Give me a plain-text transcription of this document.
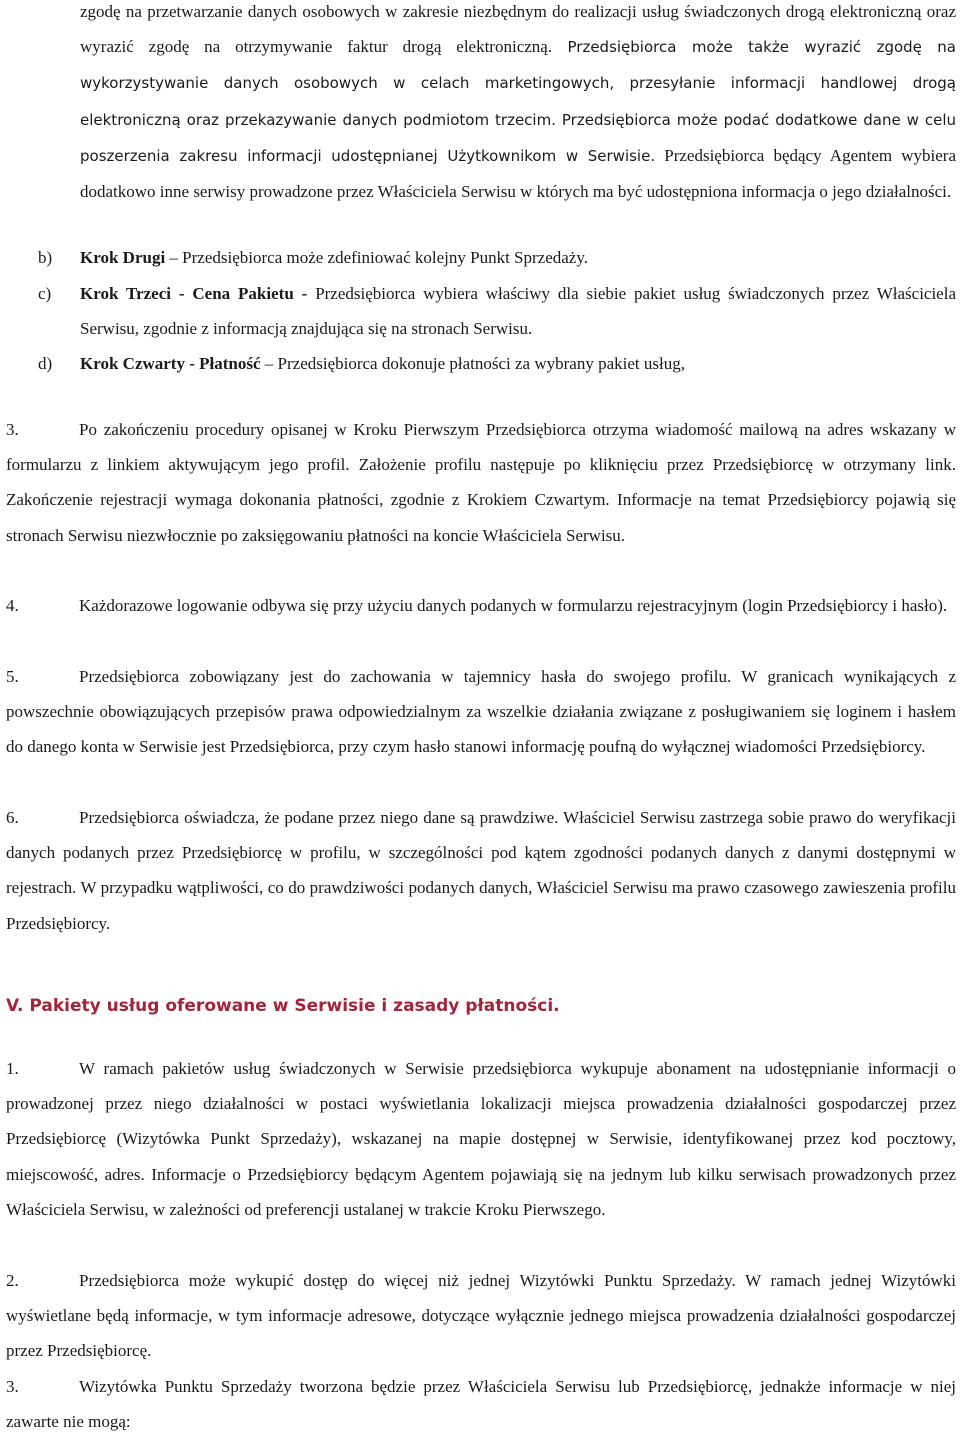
zgodę na przetwarzanie danych osobowych w zakresie niezbędnym do realizacji usług świadczonych drogą elektroniczną oraz wyrazić zgodę na otrzymywanie faktur drogą elektroniczną. Przedsiębiorca może także wyrazić zgodę na wykorzystywanie danych osobowych w celach marketingowych, przesyłanie informacji handlowej drogą elektroniczną oraz przekazywanie danych podmiotom trzecim. Przedsiębiorca może podać dodatkowe dane w celu poszerzenia zakresu informacji udostępnianej Użytkownikom w Serwisie. Przedsiębiorca będący Agentem wybiera dodatkowo inne serwisy prowadzone przez Właściciela Serwisu w których ma być udostępniona informacja o jego działalności.

b) Krok Drugi – Przedsiębiorca może zdefiniować kolejny Punkt Sprzedaży.
c) Krok Trzeci - Cena Pakietu - Przedsiębiorca wybiera właściwy dla siebie pakiet usług świadczonych przez Właściciela Serwisu, zgodnie z informacją znajdująca się na stronach Serwisu.
d) Krok Czwarty - Płatność – Przedsiębiorca dokonuje płatności za wybrany pakiet usług,

3.	Po zakończeniu procedury opisanej w Kroku Pierwszym Przedsiębiorca otrzyma wiadomość mailową na adres wskazany w formularzu z linkiem aktywującym jego profil. Założenie profilu następuje po kliknięciu przez Przedsiębiorcę w otrzymany link. Zakończenie rejestracji wymaga dokonania płatności, zgodnie z Krokiem Czwartym. Informacje na temat Przedsiębiorcy pojawią się stronach Serwisu niezwłocznie po zaksięgowaniu płatności na koncie Właściciela Serwisu.

4.	Każdorazowe logowanie odbywa się przy użyciu danych podanych w formularzu rejestracyjnym (login Przedsiębiorcy i hasło).

5.	Przedsiębiorca zobowiązany jest do zachowania w tajemnicy hasła do swojego profilu. W granicach wynikających z powszechnie obowiązujących przepisów prawa odpowiedzialnym za wszelkie działania związane z posługiwaniem się loginem i hasłem do danego konta w Serwisie jest Przedsiębiorca, przy czym hasło stanowi informację poufną do wyłącznej wiadomości Przedsiębiorcy.

6.	Przedsiębiorca oświadcza, że podane przez niego dane są prawdziwe. Właściciel Serwisu zastrzega sobie prawo do weryfikacji danych podanych przez Przedsiębiorcę w profilu, w szczególności pod kątem zgodności podanych danych z danymi dostępnymi w rejestrach. W przypadku wątpliwości, co do prawdziwości podanych danych, Właściciel Serwisu ma prawo czasowego zawieszenia profilu Przedsiębiorcy.

V. Pakiety usług oferowane w Serwisie i zasady płatności.

1.	W ramach pakietów usług świadczonych w Serwisie przedsiębiorca wykupuje abonament na udostępnianie informacji o prowadzonej przez niego działalności w postaci wyświetlania lokalizacji miejsca prowadzenia działalności gospodarczej przez Przedsiębiorcę (Wizytówka Punkt Sprzedaży), wskazanej na mapie dostępnej w Serwisie, identyfikowanej przez kod pocztowy, miejscowość, adres. Informacje o Przedsiębiorcy będącym Agentem pojawiają się na jednym lub kilku serwisach prowadzonych przez Właściciela Serwisu, w zależności od preferencji ustalanej w trakcie Kroku Pierwszego.

2.	Przedsiębiorca może wykupić dostęp do więcej niż jednej Wizytówki Punktu Sprzedaży. W ramach jednej Wizytówki wyświetlane będą informacje, w tym informacje adresowe, dotyczące wyłącznie jednego miejsca prowadzenia działalności gospodarczej przez Przedsiębiorcę.

3.	Wizytówka Punktu Sprzedaży tworzona będzie przez Właściciela Serwisu lub Przedsiębiorcę, jednakże informacje w niej zawarte nie mogą:
